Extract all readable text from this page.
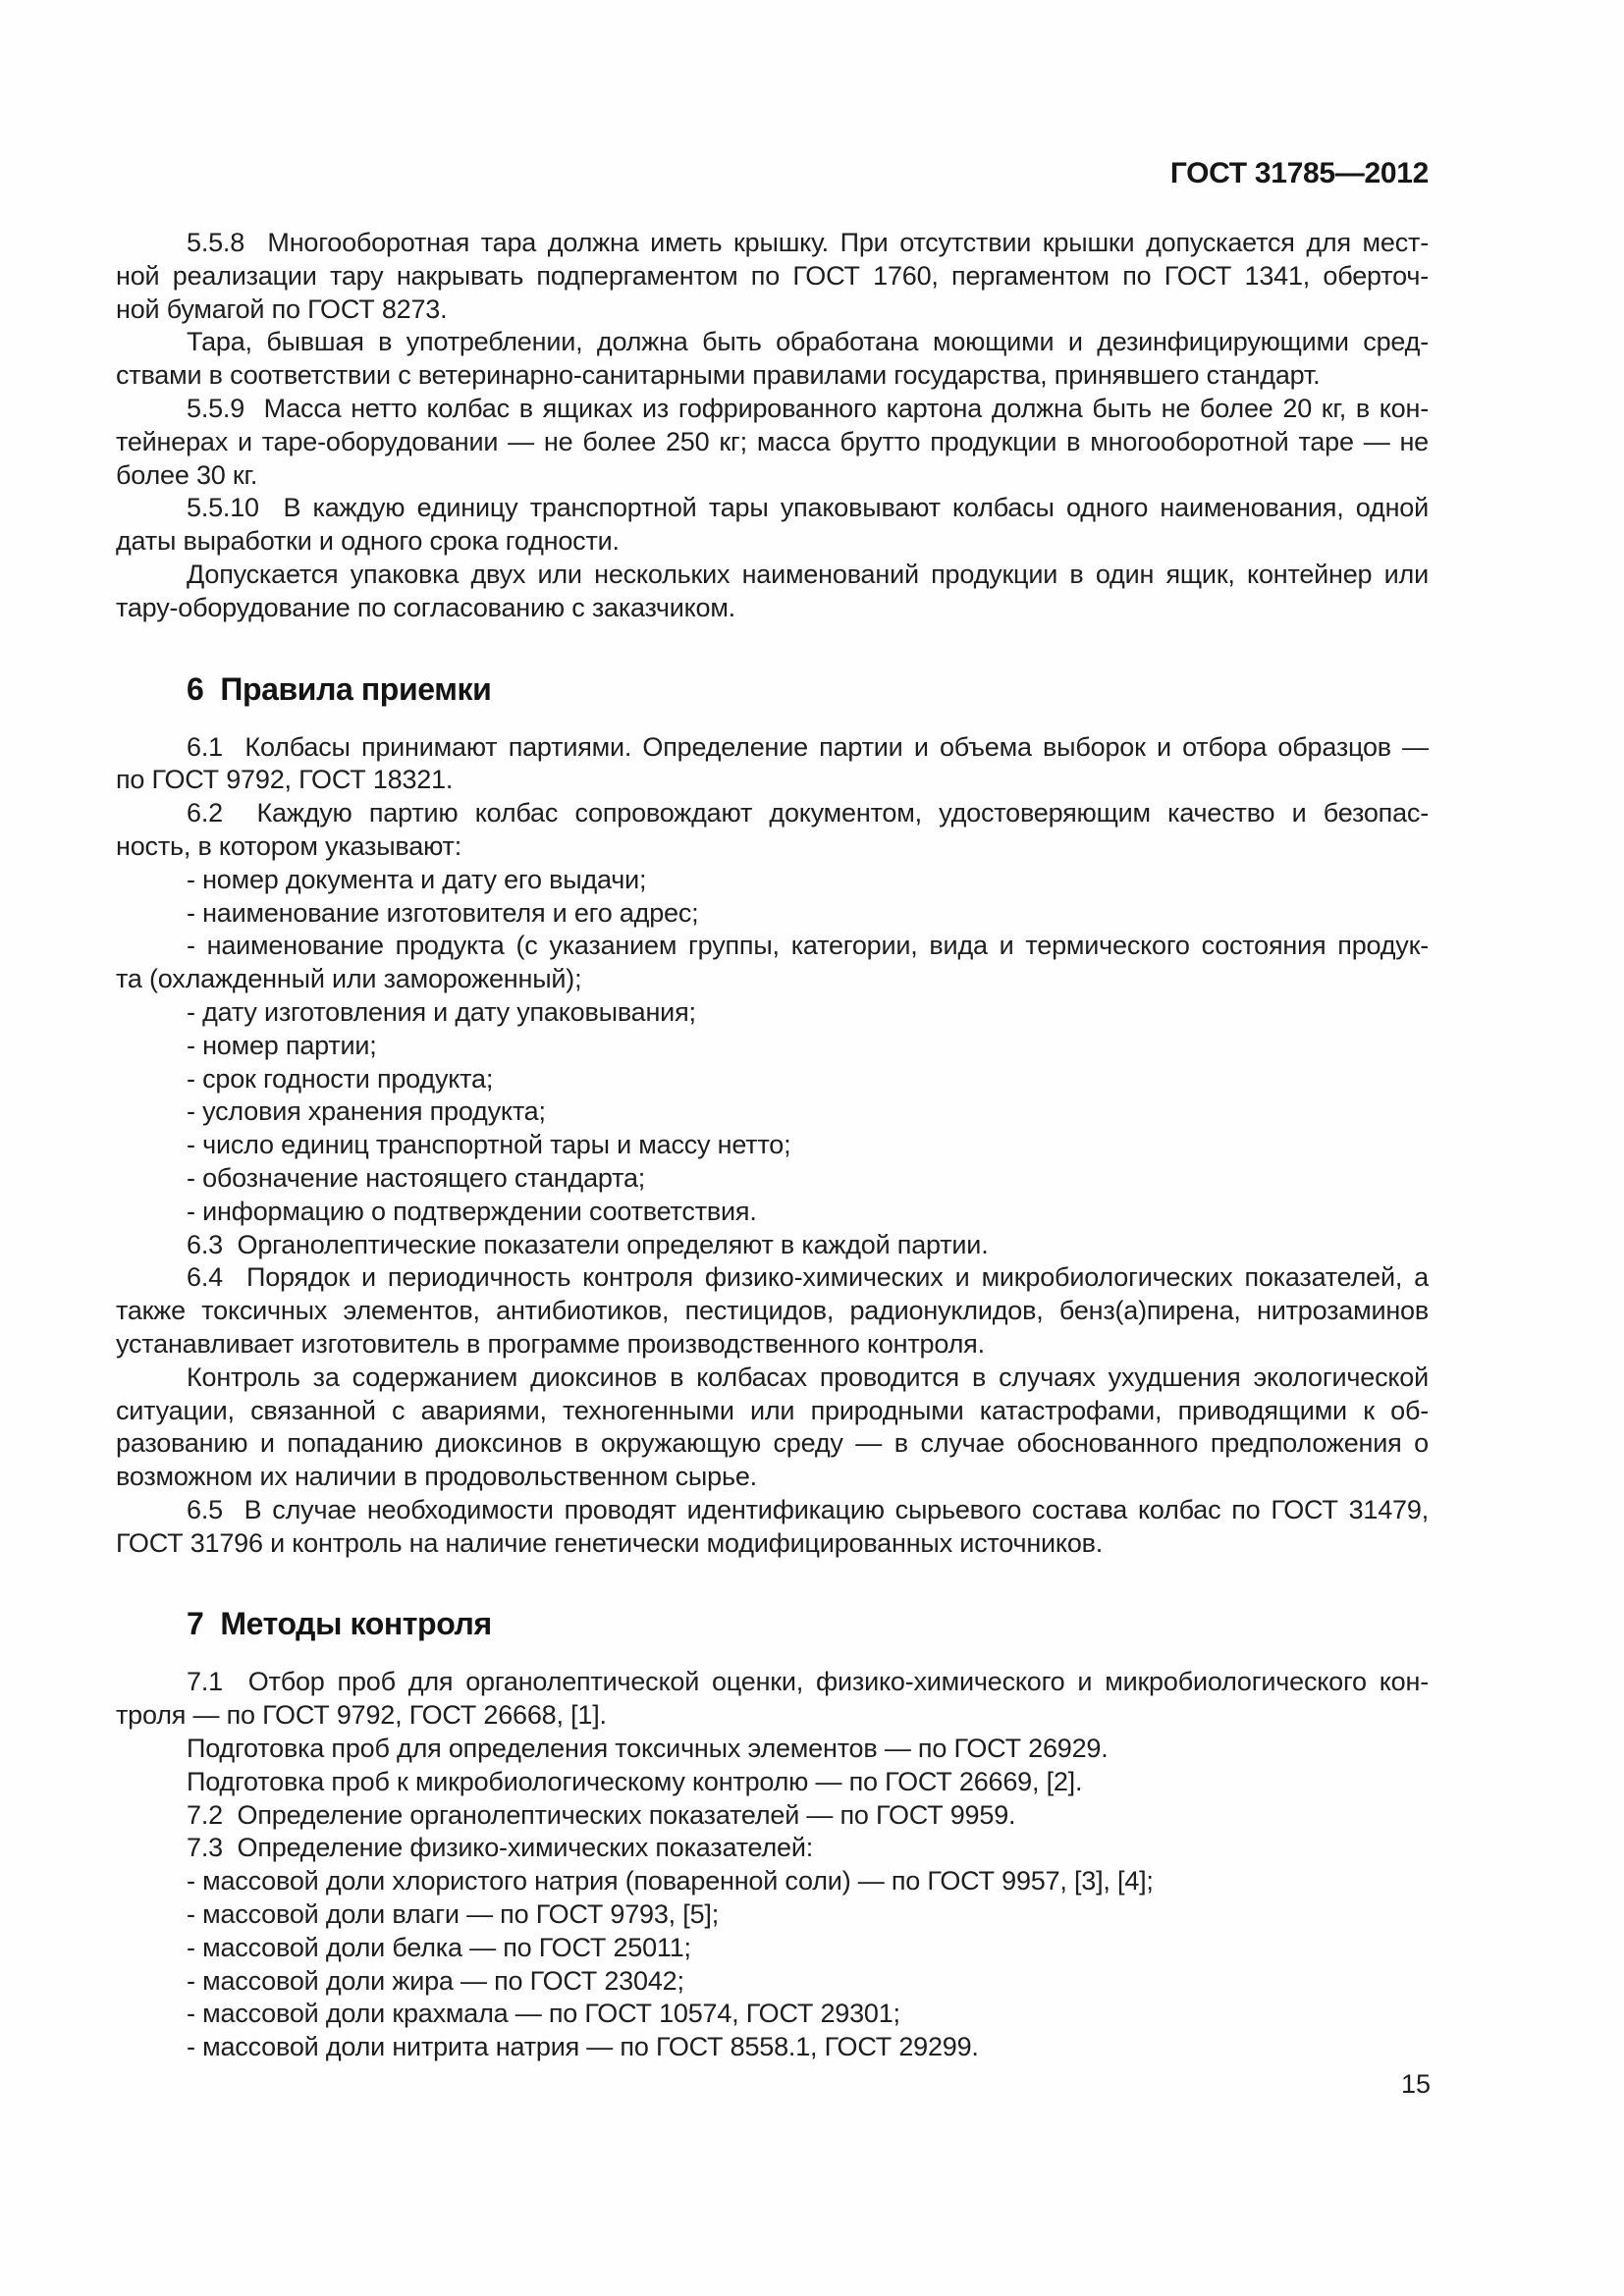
ГОСТ 31785—2012
5.5.8  Многооборотная тара должна иметь крышку. При отсутствии крышки допускается для мест-
ной реализации тару накрывать подпергаментом по ГОСТ 1760, пергаментом по ГОСТ 1341, оберточ-
ной бумагой по ГОСТ 8273.
Тара, бывшая в употреблении, должна быть обработана моющими и дезинфицирующими сред-
ствами в соответствии с ветеринарно-санитарными правилами государства, принявшего стандарт.
5.5.9  Масса нетто колбас в ящиках из гофрированного картона должна быть не более 20 кг, в кон-
тейнерах и таре-оборудовании — не более 250 кг; масса брутто продукции в многооборотной таре — не
более 30 кг.
5.5.10  В каждую единицу транспортной тары упаковывают колбасы одного наименования, одной
даты выработки и одного срока годности.
Допускается упаковка двух или нескольких наименований продукции в один ящик, контейнер или
тару-оборудование по согласованию с заказчиком.
6  Правила приемки
6.1  Колбасы принимают партиями. Определение партии и объема выборок и отбора образцов —
по ГОСТ 9792, ГОСТ 18321.
6.2  Каждую партию колбас сопровождают документом, удостоверяющим качество и безопас-
ность, в котором указывают:
- номер документа и дату его выдачи;
- наименование изготовителя и его адрес;
- наименование продукта (с указанием группы, категории, вида и термического состояния продук-
та (охлажденный или замороженный);
- дату изготовления и дату упаковывания;
- номер партии;
- срок годности продукта;
- условия хранения продукта;
- число единиц транспортной тары и массу нетто;
- обозначение настоящего стандарта;
- информацию о подтверждении соответствия.
6.3  Органолептические показатели определяют в каждой партии.
6.4  Порядок и периодичность контроля физико-химических и микробиологических показателей, а
также токсичных элементов, антибиотиков, пестицидов, радионуклидов, бенз(а)пирена, нитрозаминов
устанавливает изготовитель в программе производственного контроля.
Контроль за содержанием диоксинов в колбасах проводится в случаях ухудшения экологической
ситуации, связанной с авариями, техногенными или природными катастрофами, приводящими к об-
разованию и попаданию диоксинов в окружающую среду — в случае обоснованного предположения о
возможном их наличии в продовольственном сырье.
6.5  В случае необходимости проводят идентификацию сырьевого состава колбас по ГОСТ 31479,
ГОСТ 31796 и контроль на наличие генетически модифицированных источников.
7  Методы контроля
7.1  Отбор проб для органолептической оценки, физико-химического и микробиологического кон-
троля — по ГОСТ 9792, ГОСТ 26668, [1].
Подготовка проб для определения токсичных элементов — по ГОСТ 26929.
Подготовка проб к микробиологическому контролю — по ГОСТ 26669, [2].
7.2  Определение органолептических показателей — по ГОСТ 9959.
7.3  Определение физико-химических показателей:
- массовой доли хлористого натрия (поваренной соли) — по ГОСТ 9957, [3], [4];
- массовой доли влаги — по ГОСТ 9793, [5];
- массовой доли белка — по ГОСТ 25011;
- массовой доли жира — по ГОСТ 23042;
- массовой доли крахмала — по ГОСТ 10574, ГОСТ 29301;
- массовой доли нитрита натрия — по ГОСТ 8558.1, ГОСТ 29299.
15
